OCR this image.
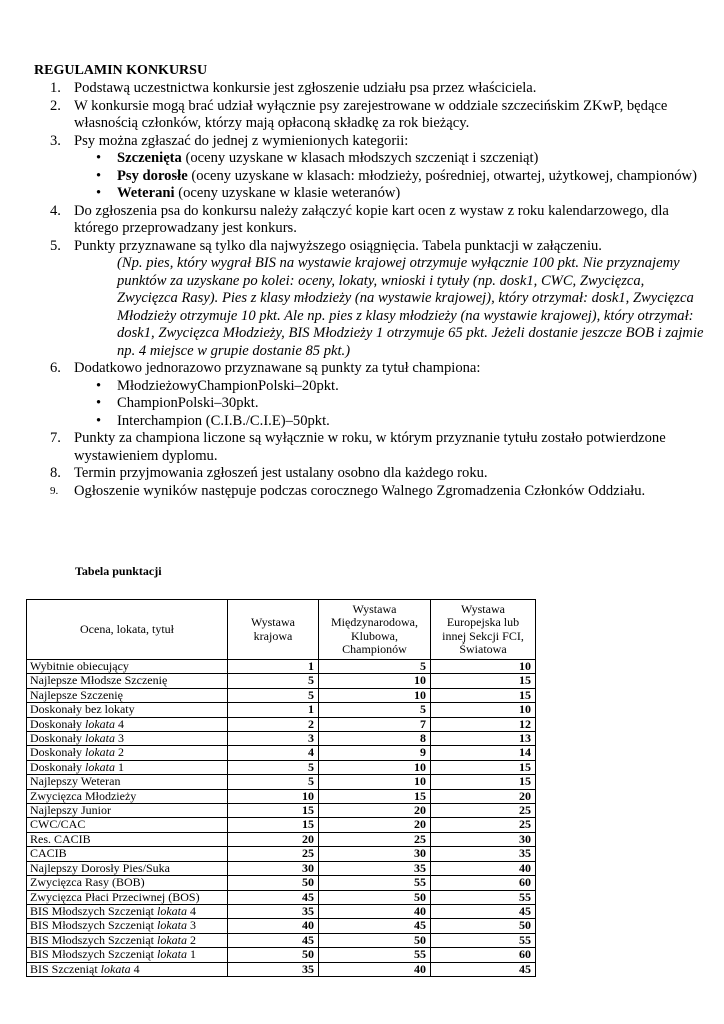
REGULAMIN KONKURSU
1. Podstawą uczestnictwa konkursie jest zgłoszenie udziału psa przez właściciela.
2. W konkursie mogą brać udział wyłącznie psy zarejestrowane w oddziale szczecińskim ZKwP, będące własnością członków, którzy mają opłaconą składkę za rok bieżący.
3. Psy można zgłaszać do jednej z wymienionych kategorii:
• Szczenięta (oceny uzyskane w klasach młodszych szczeniąt i szczeniąt)
• Psy dorosłe (oceny uzyskane w klasach: młodzieży, pośredniej, otwartej, użytkowej, championów)
• Weterani (oceny uzyskane w klasie weteranów)
4. Do zgłoszenia psa do konkursu należy załączyć kopie kart ocen z wystaw z roku kalendarzowego, dla którego przeprowadzany jest konkurs.
5. Punkty przyznawane są tylko dla najwyższego osiągnięcia. Tabela punktacji w załączeniu.
(Np. pies, który wygrał BIS na wystawie krajowej otrzymuje wyłącznie 100 pkt. Nie przyznajemy punktów za uzyskane po kolei: oceny, lokaty, wnioski i tytuły (np. dosk1, CWC, Zwycięzca, Zwycięzca Rasy). Pies z klasy młodzieży (na wystawie krajowej), który otrzymał: dosk1, Zwycięzca Młodzieży otrzymuje 10 pkt. Ale np. pies z klasy młodzieży (na wystawie krajowej), który otrzymał: dosk1, Zwycięzca Młodzieży, BIS Młodzieży 1 otrzymuje 65 pkt. Jeżeli dostanie jeszcze BOB i zajmie np. 4 miejsce w grupie dostanie 85 pkt.)
6. Dodatkowo jednorazowo przyznawane są punkty za tytuł championa:
• MłodzieżowyChampionPolski–20pkt.
• ChampionPolski–30pkt.
• Interchampion (C.I.B./C.I.E)–50pkt.
7. Punkty za championa liczone są wyłącznie w roku, w którym przyznanie tytułu zostało potwierdzone wystawieniem dyplomu.
8. Termin przyjmowania zgłoszeń jest ustalany osobno dla każdego roku.
9. Ogłoszenie wyników następuje podczas corocznego Walnego Zgromadzenia Członków Oddziału.
Tabela punktacji
Ocena, lokata, tytuł	Wystawa krajowa	Wystawa Międzynarodowa, Klubowa, Championów	Wystawa Europejska lub innej Sekcji FCI, Światowa
Wybitnie obiecujący	1	5	10
Najlepsze Młodsze Szczenię	5	10	15
Najlepsze Szczenię	5	10	15
Doskonały bez lokaty	1	5	10
Doskonały lokata 4	2	7	12
Doskonały lokata 3	3	8	13
Doskonały lokata 2	4	9	14
Doskonały lokata 1	5	10	15
Najlepszy Weteran	5	10	15
Zwycięzca Młodzieży	10	15	20
Najlepszy Junior	15	20	25
CWC/CAC	15	20	25
Res. CACIB	20	25	30
CACIB	25	30	35
Najlepszy Dorosły Pies/Suka	30	35	40
Zwycięzca Rasy (BOB)	50	55	60
Zwycięzca Płaci Przeciwnej (BOS)	45	50	55
BIS Młodszych Szczeniąt lokata 4	35	40	45
BIS Młodszych Szczeniąt lokata 3	40	45	50
BIS Młodszych Szczeniąt lokata 2	45	50	55
BIS Młodszych Szczeniąt lokata 1	50	55	60
BIS Szczeniąt lokata 4	35	40	45
